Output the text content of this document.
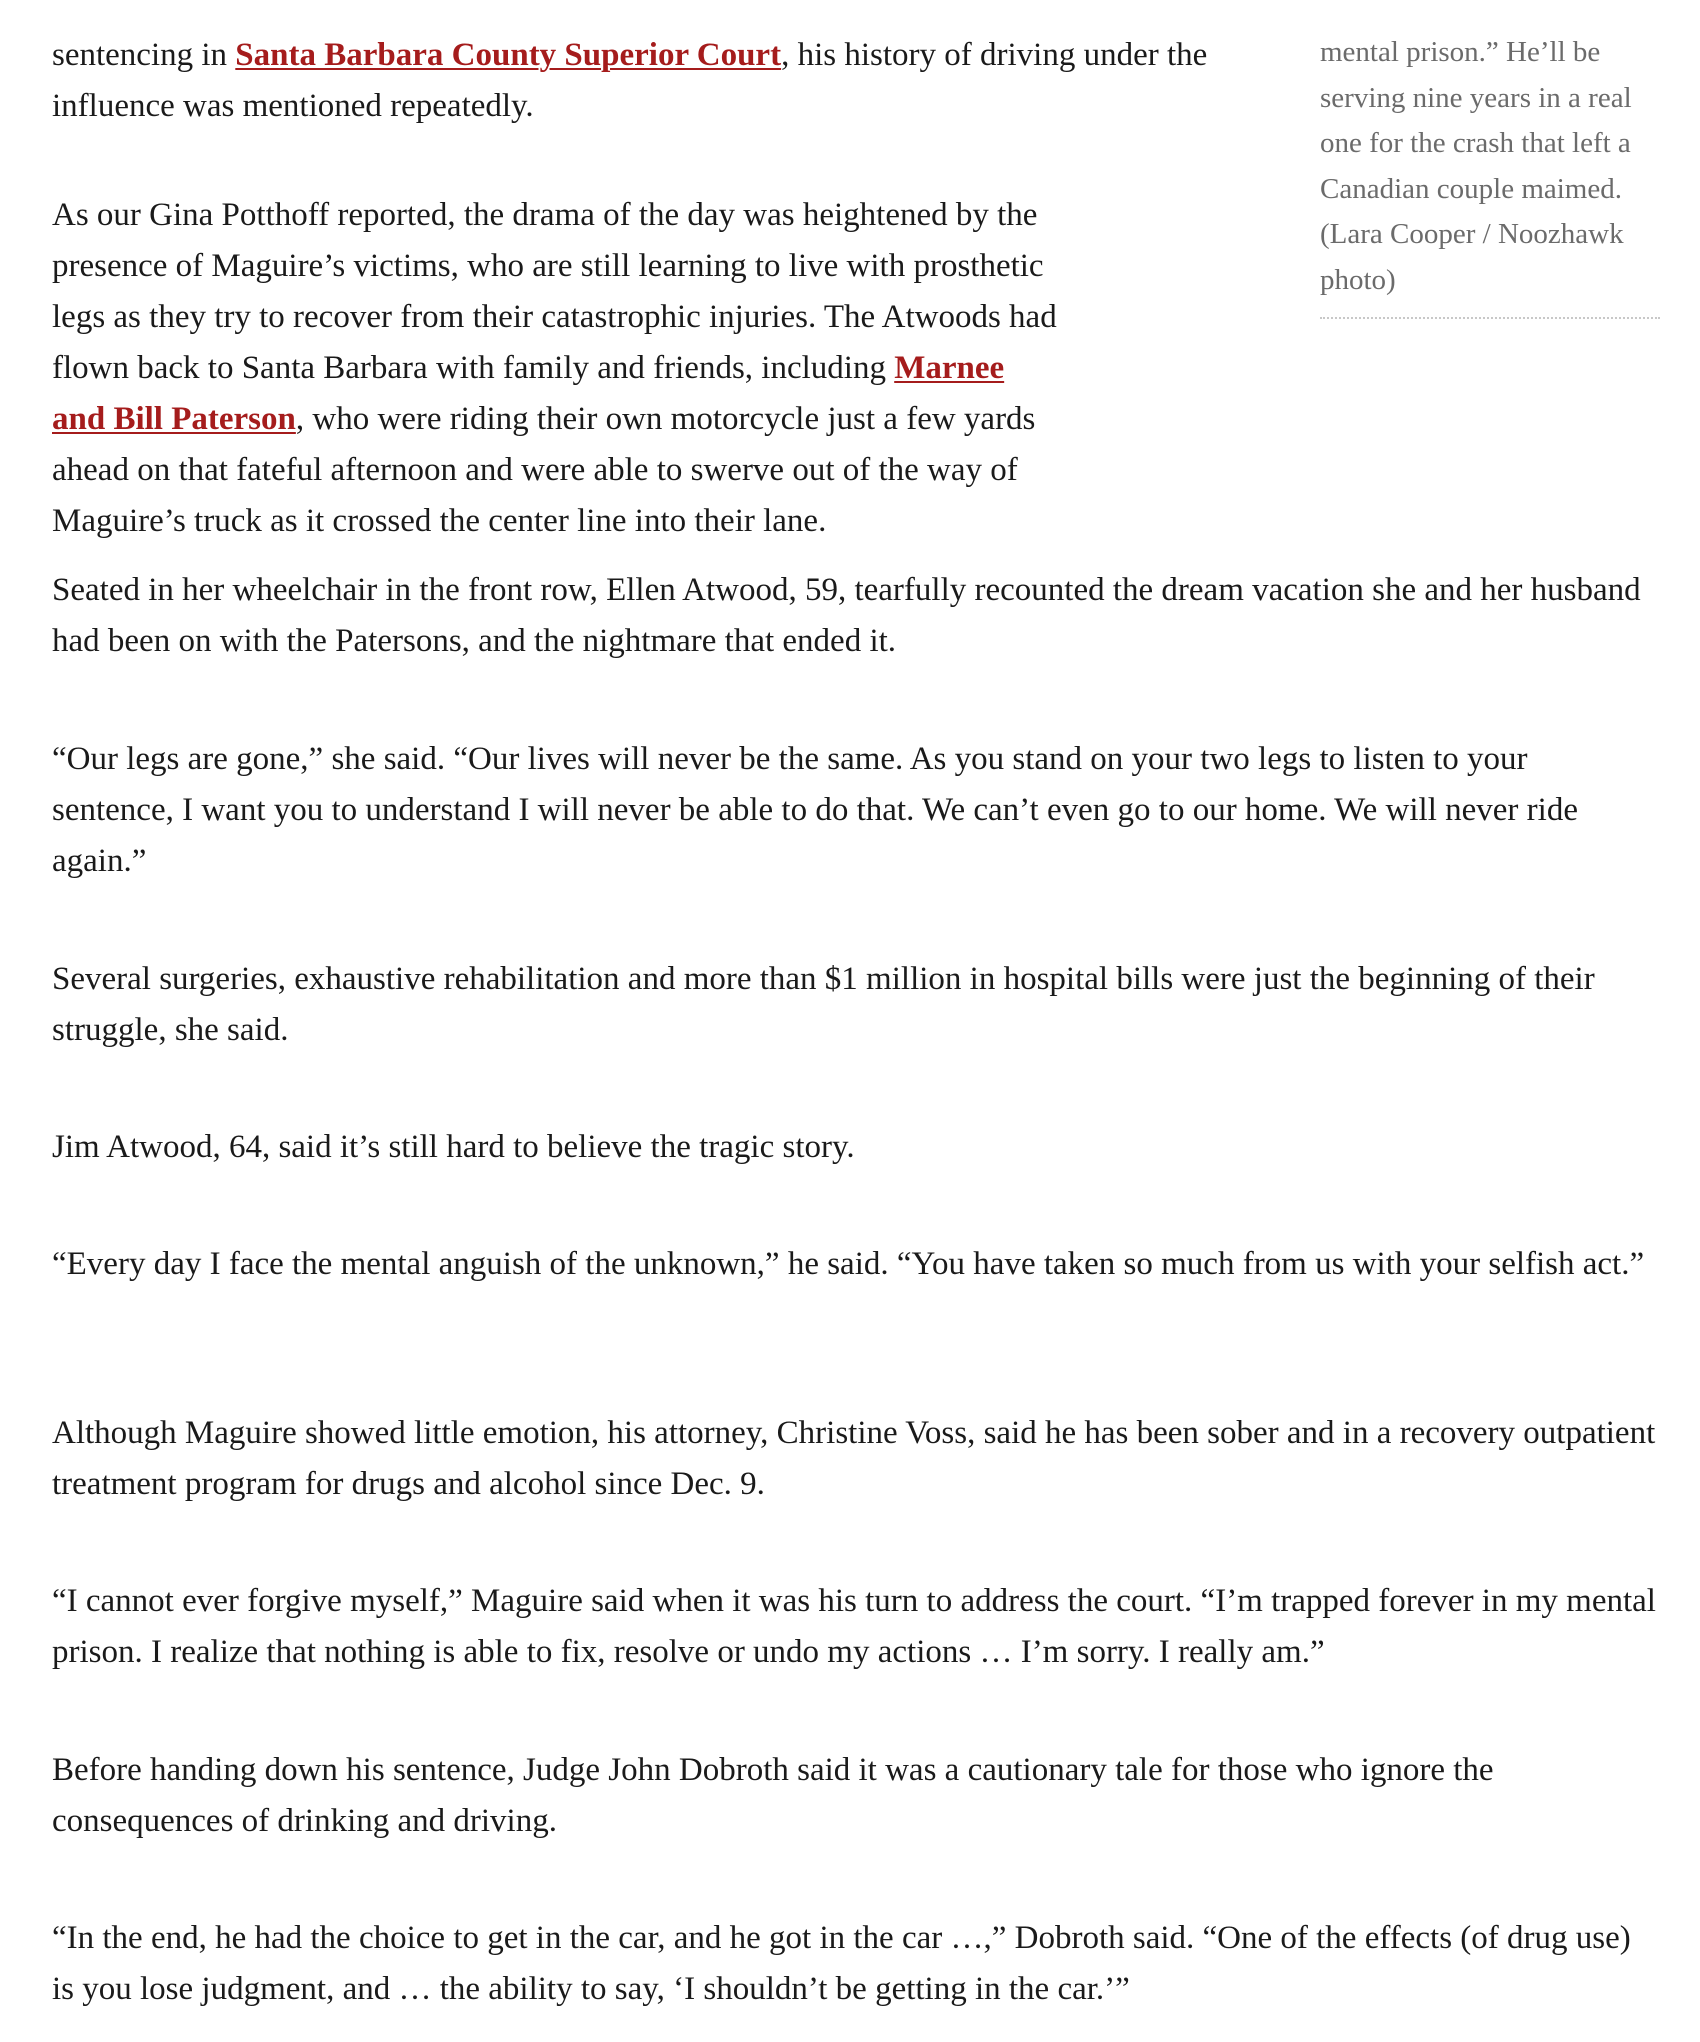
mental prison.” He’ll be serving nine years in a real one for the crash that left a Canadian couple maimed. (Lara Cooper / Noozhawk photo)

sentencing in Santa Barbara County Superior Court, his history of driving under the influence was mentioned repeatedly.

As our Gina Potthoff reported, the drama of the day was heightened by the presence of Maguire’s victims, who are still learning to live with prosthetic legs as they try to recover from their catastrophic injuries. The Atwoods had flown back to Santa Barbara with family and friends, including Marnee and Bill Paterson, who were riding their own motorcycle just a few yards ahead on that fateful afternoon and were able to swerve out of the way of Maguire’s truck as it crossed the center line into their lane.

Seated in her wheelchair in the front row, Ellen Atwood, 59, tearfully recounted the dream vacation she and her husband had been on with the Patersons, and the nightmare that ended it.

“Our legs are gone,” she said. “Our lives will never be the same. As you stand on your two legs to listen to your sentence, I want you to understand I will never be able to do that. We can’t even go to our home. We will never ride again.”

Several surgeries, exhaustive rehabilitation and more than $1 million in hospital bills were just the beginning of their struggle, she said.

Jim Atwood, 64, said it’s still hard to believe the tragic story.

“Every day I face the mental anguish of the unknown,” he said. “You have taken so much from us with your selfish act.”

Although Maguire showed little emotion, his attorney, Christine Voss, said he has been sober and in a recovery outpatient treatment program for drugs and alcohol since Dec. 9.

“I cannot ever forgive myself,” Maguire said when it was his turn to address the court. “I’m trapped forever in my mental prison. I realize that nothing is able to fix, resolve or undo my actions … I’m sorry. I really am.”

Before handing down his sentence, Judge John Dobroth said it was a cautionary tale for those who ignore the consequences of drinking and driving.

“In the end, he had the choice to get in the car, and he got in the car …,” Dobroth said. “One of the effects (of drug use) is you lose judgment, and … the ability to say, ‘I shouldn’t be getting in the car.’”
